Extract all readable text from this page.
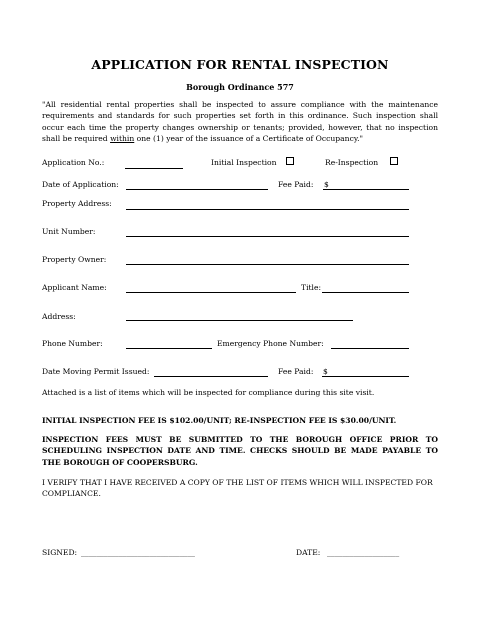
APPLICATION FOR RENTAL INSPECTION
Borough Ordinance 577
"All residential rental properties shall be inspected to assure compliance with the maintenance requirements and standards for such properties set forth in this ordinance. Such inspection shall occur each time the property changes ownership or tenants; provided, however, that no inspection shall be required within one (1) year of the issuance of a Certificate of Occupancy."
Application No.:	Initial Inspection	Re-Inspection
Date of Application:	Fee Paid: $
Property Address:
Unit Number:
Property Owner:
Applicant Name:	Title:
Address:
Phone Number:	Emergency Phone Number:
Date Moving Permit Issued:	Fee Paid: $
Attached is a list of items which will be inspected for compliance during this site visit.
INITIAL INSPECTION FEE IS $102.00/UNIT; RE-INSPECTION FEE IS $30.00/UNIT.
INSPECTION FEES MUST BE SUBMITTED TO THE BOROUGH OFFICE PRIOR TO SCHEDULING INSPECTION DATE AND TIME. CHECKS SHOULD BE MADE PAYABLE TO THE BOROUGH OF COOPERSBURG.
I VERIFY THAT I HAVE RECEIVED A COPY OF THE LIST OF ITEMS WHICH WILL INSPECTED FOR COMPLIANCE.
SIGNED: ______________________________	DATE: ___________________
